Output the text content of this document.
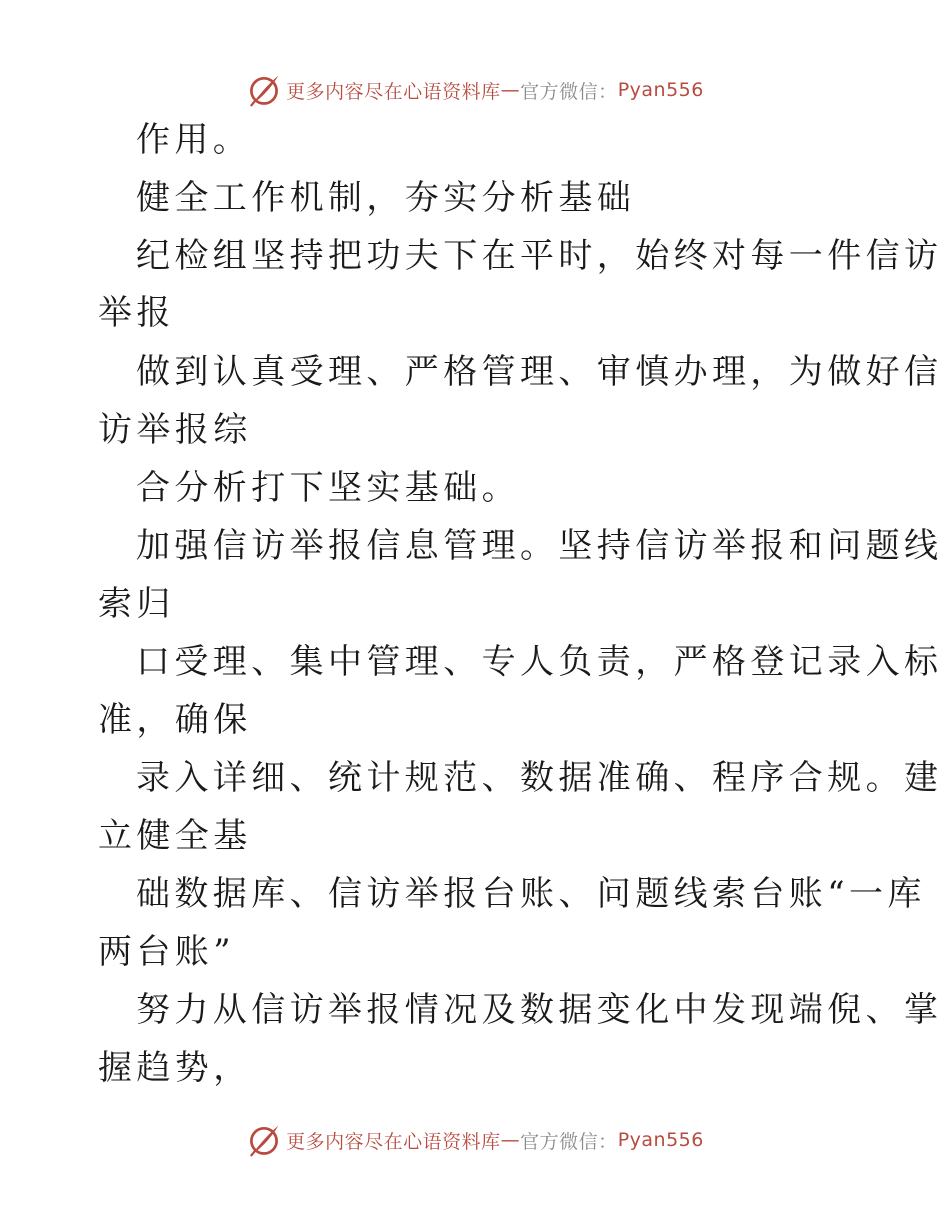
更多内容尽在心语资料库 — 官方微信： Pyan556
作用。
健全工作机制，夯实分析基础
纪检组坚持把功夫下在平时，始终对每一件信访
举报
做到认真受理、严格管理、审慎办理，为做好信
访举报综
合分析打下坚实基础。
加强信访举报信息管理。坚持信访举报和问题线
索归
口受理、集中管理、专人负责，严格登记录入标
准，确保
录入详细、统计规范、数据准确、程序合规。建
立健全基
础数据库、信访举报台账、问题线索台账“一库
两台账”
努力从信访举报情况及数据变化中发现端倪、掌
握趋势，
更多内容尽在心语资料库 — 官方微信： Pyan556
